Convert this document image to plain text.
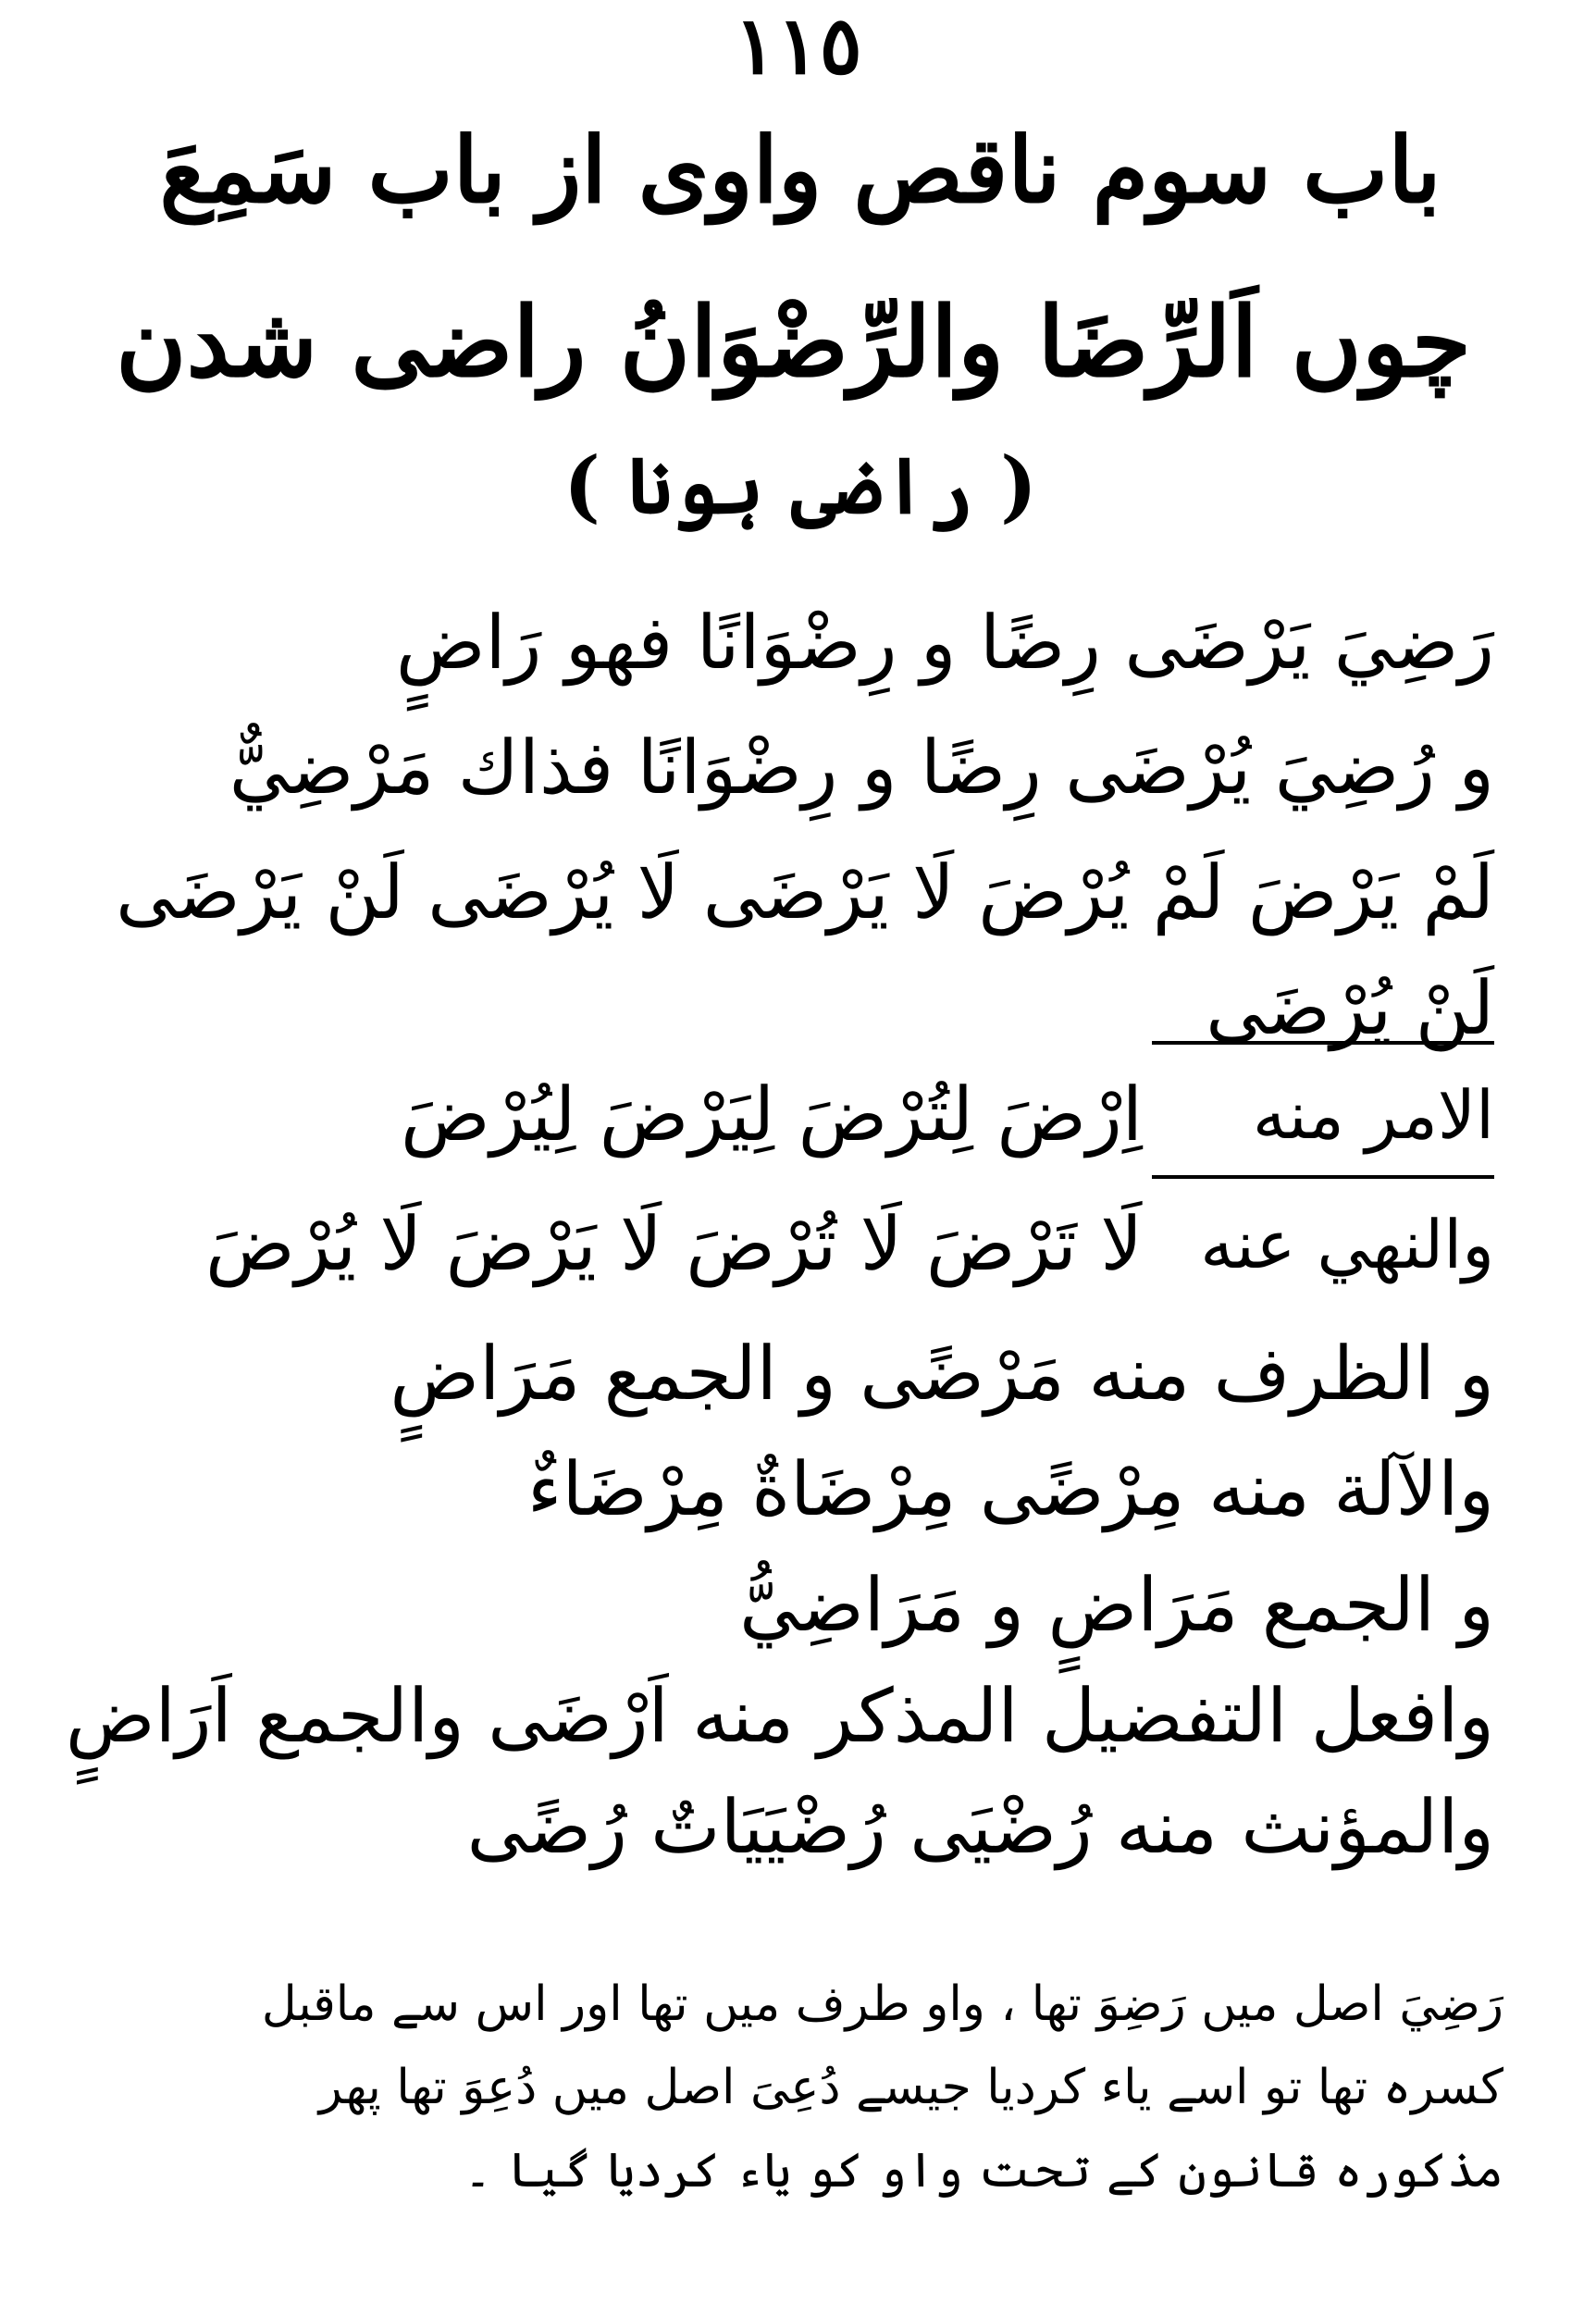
١١٥
باب سوم ناقص واوی از باب سَمِعَ
چوں اَلرِّضَا والرِّضْوَانُ راضی شدن
( راضی ہونا )
رَضِيَ يَرْضَى رِضًا و رِضْوَانًا فهو رَاضٍ
و رُضِيَ يُرْضَى رِضًا و رِضْوَانًا فذاك مَرْضِيٌّ
لَمْ يَرْضَ لَمْ يُرْضَ لَا يَرْضَى لَا يُرْضَى لَنْ يَرْضَى
لَنْ يُرْضَى
الامر منه
اِرْضَ لِتُرْضَ لِيَرْضَ لِيُرْضَ
والنهي عنه
لَا تَرْضَ لَا تُرْضَ لَا يَرْضَ لَا يُرْضَ
و الظرف منه مَرْضًى و الجمع مَرَاضٍ
والآلة منه مِرْضًى مِرْضَاةٌ مِرْضَاءٌ
و الجمع مَرَاضٍ و مَرَاضِيُّ
وافعل التفضيل المذكر منه اَرْضَى والجمع اَرَاضٍ
والمؤنث منه رُضْيَى رُضْيَيَاتٌ رُضًى
رَضِيَ اصل میں رَضِوَ تھا ، واو طرف میں تھا اور اس سے ماقبل
کسرہ تھا تو اسے یاء کردیا جیسے دُعِیَ اصل میں دُعِوَ تھا پھر
مذکورہ قانون کے تحت واو کو یاء کردیا گیا ۔
